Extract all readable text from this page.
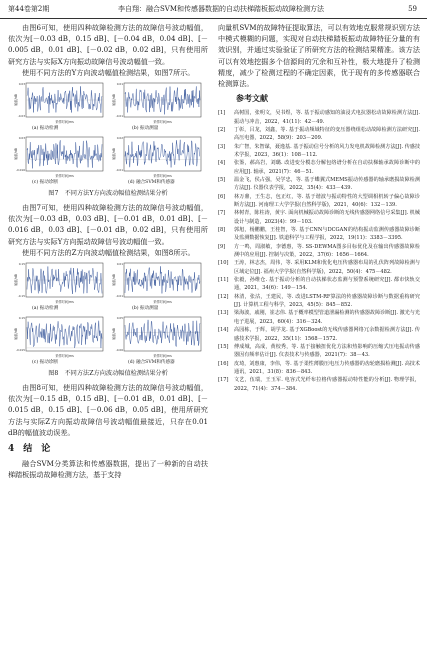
第44卷第2期	李自翔：融合SVM和传感器数据的自动扶梯踏板振动故障检测方法	59

由图6可知，使用四种故障检测方法的故障信号波动幅值，依次为[－0.03 dB，0.15 dB]、[－0.04 dB，0.04 dB]、[－0.005 dB，0.01 dB]、[－0.02 dB，0.02 dB]，只有使用所研究方法与实际X方向振动故障信号波动幅值一致。

使用不同方法的Y方向波动幅值检测结果，如图7所示。

-0.03
0.03
采样时间/ms
幅值/dB
(a) 振动检测
-0.01
0.01
采样时间/ms
幅值/dB
(b) 振动测量
-0.016
0.03
采样时间/ms
幅值/dB
(c) 振动诊断
-0.01
0.02
采样时间/ms
幅值/dB
(d) 融合SVM和传感器
图7　不同方法Y方向波动幅值检测结果分析

由图7可知，使用四种故障检测方法的故障信号波动幅值，依次为[－0.03 dB，0.03 dB]、[－0.01 dB，0.01 dB]、[－0.016 dB，0.03 dB]、[－0.01 dB，0.02 dB]，只有使用所研究方法与实际Y方向振动故障信号波动幅值一致。

使用不同方法的Z方向波动幅值检测结果，如图8所示。

-0.15
0.15
采样时间/ms
幅值/dB
(a) 振动检测
-0.01
0.01
采样时间/ms
幅值/dB
(b) 振动测量
-0.015
0.15
采样时间/ms
幅值/dB
(c) 振动诊断
-0.06
0.05
采样时间/ms
幅值/dB
(d) 融合SVM和传感器
图8　不同方法Z方向波动幅值检测结果分析

由图8可知，使用四种故障检测方法的故障信号波动幅值，依次为[－0.15 dB，0.15 dB]、[－0.01 dB，0.01 dB]、[－0.015 dB，0.15 dB]、[－0.06 dB，0.05 dB]，使用所研究方法与实际Z方向振动故障信号波动幅值最接近，只存在0.01 dB的幅值波动误差。

4　结　论

融合SVM分类算法和传感器数据，提出了一种新的自动扶梯踏板振动故障检测方法，基于支持

向量机SVM的故障特征提取算法，可以有效地克服常规识别方法中模式模糊的问题，实现对自动扶梯踏板振动故障特征分量的有效识别，并通过实验验证了所研究方法的检测结果精准。该方法可以有效地挖掘多个信源间的冗余和互补性，极大地提升了检测精度，减少了检测过程的不确定因素，优于现有的多传感器联合检测算法。

参考文献
[1]	高树国，张明文，吴书煜，等. 基于振动感知的油浸式电抗器松动故障检测方法[J]. 振动与冲击，2022，41(11)：42－49.
[2]	丁彰，吕龙，刘鑫，等. 基于振动频域特征的变压器绕组松动故障检测方法研究[J]. 高压电器，2022，58(9)：203－209.
[3]	朱广智，朱智谋，聂逸基. 基于振动信号分析的风力发电机故障检测方法[J]. 传感技术学报，2023，36(1)：108－112.
[4]	张鉴，郝高岩，刘璐. 改进变分模态分解包络谱分析在自动扶梯轴承故障诊断中的应用[J]. 轴承，2021(7)：46－51.
[5]	温金飞，侯占强，吴学忠，等. 基于蝶翼式MEMS振动传感器的轴承磨损故障检测方法[J]. 仪器仪表学报，2022，35(4)：433－439.
[6]	林万鼎，王生志，包正红，等. 基于谐波与振动特性的大型调相机转子偏心故障诊断方法[J]. 河南理工大学学报(自然科学版)，2021，40(6)：132－139.
[7]	林树青，陈柱涛，黄宇. 面向机械振动故障诊断的无线传感器网络信号采集[J]. 机械设计与制造，2023(4)：99－103.
[8]	郭旭，杨鹏鹏，王桂智，等. 基于CNN与DCGAN的结构振动监测传感器故障诊断及监测数据恢复[J]. 铁道科学与工程学报，2022，19(11)：3383－3395.
[9]	方一鸣，周淑敏，李德惠，等. SS-DEWMA图多目标优化及在输出传感器故障检测中的应用[J]. 控制与决策，2022，37(6)：1656－1664.
[10]	王涛，林志杰，周伟，等. 采用KLM和优化电压传感器布局的孔伏阵列故障检测与区域定位[J]. 福州大学学报(自然科学版)，2022，50(4)：475－482.
[11]	张毅，孙维仓. 基于振动分析的自动扶梯状态监测与预警系统研究[J]. 都市快轨交通，2021，34(6)：149－154.
[12]	林清，张沽，王建民，等. 改进LSTM-RF算法的传感器故障诊断与数据重构研究[J]. 计算机工程与科学，2023，45(5)：845－852.
[13]	梁海波，戚刚，崔志伟. 基于概率模型管道泄漏检测的传感器故障诊断[J]. 激光与光电子进展，2023，60(4)：316－324.
[14]	高园栋，于辉，胡学龙. 基于XGBoost的无线传感器网络冗余数据检测方法[J]. 传感技术学报，2022，35(11)：1568－1572.
[15]	傅成城，高成，黄校秀，等. 基于接触扭优化方法和热影响的压缩式压电振动传感器因有频率估计[J]. 仪表技术与传感器，2021(7)：38－43.
[16]	皮琦，刘惠康，李伟，等. 基于柔性薄膜压电压力传感器的齿轮磨损检测[J]. 高技术通讯，2021，31(8)：836－843.
[17]	文艺，伍瑞，王玉军. 电容式光纤布拉格传感器振动特性能的分析[J]. 物理学报，2022，71(4)：374－384.
